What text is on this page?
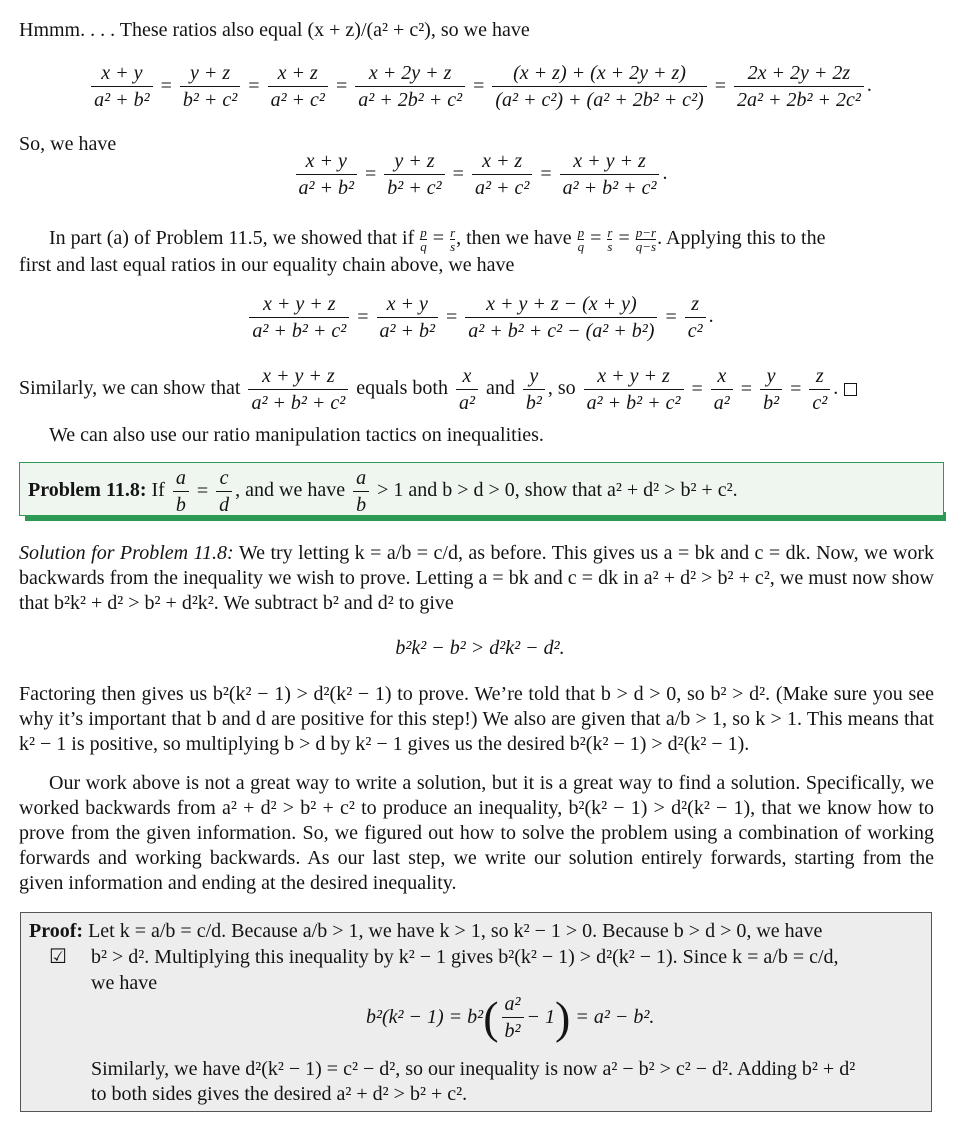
Hmmm. . . . These ratios also equal (x + z)/(a² + c²), so we have

$\frac{x + y}{\text{a² + b²}} = \frac{y + z}{\text{b² + c²}} = \frac{x + z}{\text{a² + c²}} = \frac{x + 2y + z}{\text{a² + 2b² + c²}} = \frac{(x + z) + (x + 2y + z)}{\text{(a² + c²) + (a² + 2b² + c²)}} = \frac{2x + 2y + 2z}{\text{2a² + 2b² + 2c²}}$ .

So, we have

$\frac{x + y}{\text{a² + b²}} = \frac{y + z}{\text{b² + c²}} = \frac{x + z}{\text{a² + c²}} = \frac{x + y + z}{\text{a² + b² + c²}}$ .

In part (a) of Problem 11.5, we showed that if $\frac{p}{q} = \frac{r}{s}$ , then we have $\frac{p}{q} = \frac{r}{s} = \frac{p-r}{q-s}$ . Applying this to the

first and last equal ratios in our equality chain above, we have

$\frac{x + y + z}{\text{a² + b² + c²}} = \frac{x + y}{\text{a² + b²}} = \frac{x + y + z - (x + y)}{\text{a² + b² + c² − (a² + b²)}} = \frac{z}{\text{c²}}$ .
Similarly, we can show that $\frac{x + y + z}{\text{a² + b² + c²}}$ equals both $\frac{x}{\text{a²}}$ and $\frac{y}{\text{b²}}$ , so $\frac{x + y + z}{\text{a² + b² + c²}} = \frac{x}{\text{a²}} = \frac{y}{\text{b²}} = \frac{z}{\text{c²}}$ .

We can also use our ratio manipulation tactics on inequalities.

Problem 11.8: If $\frac{a}{b} = \frac{c}{d}$ , and we have $\frac{a}{b} > 1$ and b > d > 0, show that a² + d² > b² + c².

Solution for Problem 11.8: We try letting k = a/b = c/d, as before. This gives us a = bk and c = dk. Now, we work backwards from the inequality we wish to prove. Letting a = bk and c = dk in a² + d² > b² + c², we must now show that b²k² + d² > b² + d²k². We subtract b² and d² to give

b²k² − b² > d²k² − d².

Factoring then gives us b²(k² − 1) > d²(k² − 1) to prove. We’re told that b > d > 0, so b² > d². (Make sure you see why it’s important that b and d are positive for this step!) We also are given that a/b > 1, so k > 1. This means that k² − 1 is positive, so multiplying b > d by k² − 1 gives us the desired b²(k² − 1) > d²(k² − 1).

Our work above is not a great way to write a solution, but it is a great way to find a solution. Specifically, we worked backwards from a² + d² > b² + c² to produce an inequality, b²(k² − 1) > d²(k² − 1), that we know how to prove from the given information. So, we figured out how to solve the problem using a combination of working forwards and working backwards. As our last step, we write our solution entirely forwards, starting from the given information and ending at the desired inequality.

Proof: Let k = a/b = c/d. Because a/b > 1, we have k > 1, so k² − 1 > 0. Because b > d > 0, we have
☑ b² > d². Multiplying this inequality by k² − 1 gives b²(k² − 1) > d²(k² − 1). Since k = a/b = c/d,
we have
$b^2(k^2 - 1) = b^2( \frac{\text{a²}}{\text{b²}} - 1) = a^2 - b^2$.
Similarly, we have d²(k² − 1) = c² − d², so our inequality is now a² − b² > c² − d². Adding b² + d²
to both sides gives the desired a² + d² > b² + c².
